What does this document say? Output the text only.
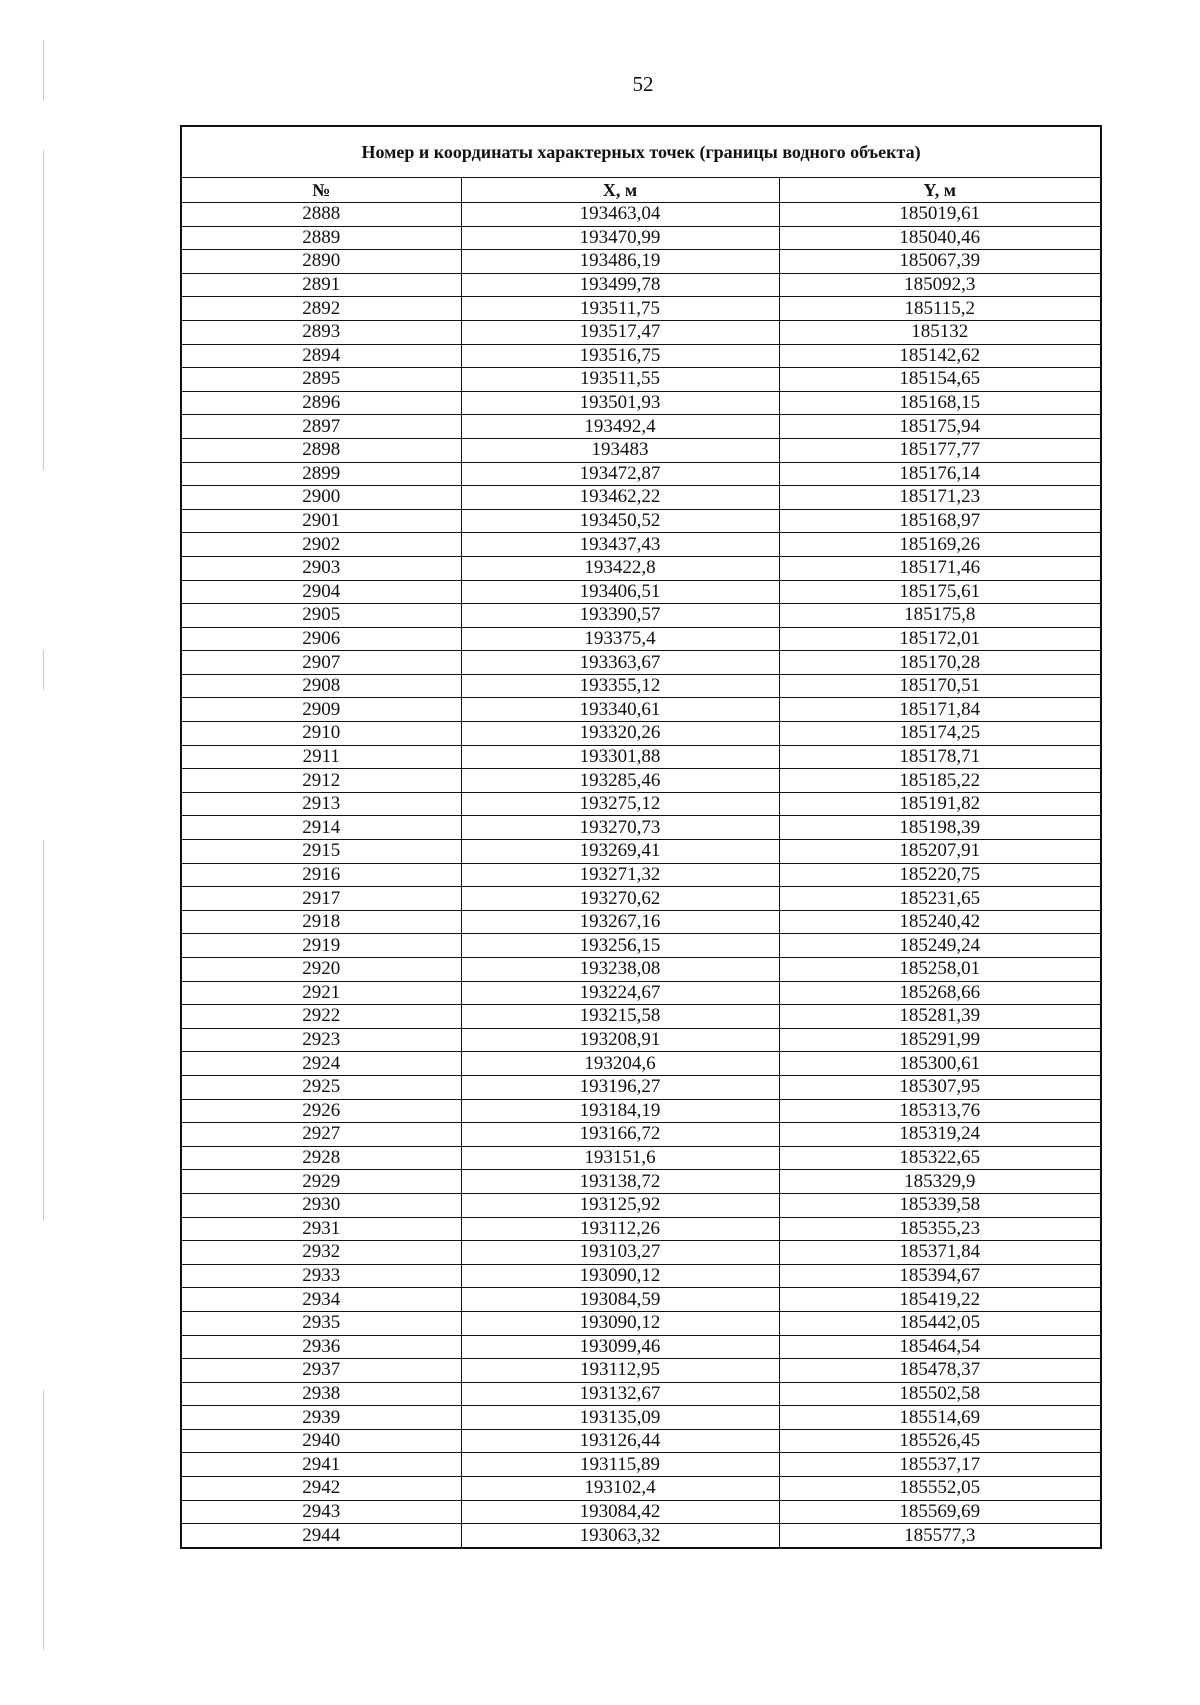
52
Номер и координаты характерных точек (границы водного объекта)		
№	X, м	Y, м
2888	193463,04	185019,61
2889	193470,99	185040,46
2890	193486,19	185067,39
2891	193499,78	185092,3
2892	193511,75	185115,2
2893	193517,47	185132
2894	193516,75	185142,62
2895	193511,55	185154,65
2896	193501,93	185168,15
2897	193492,4	185175,94
2898	193483	185177,77
2899	193472,87	185176,14
2900	193462,22	185171,23
2901	193450,52	185168,97
2902	193437,43	185169,26
2903	193422,8	185171,46
2904	193406,51	185175,61
2905	193390,57	185175,8
2906	193375,4	185172,01
2907	193363,67	185170,28
2908	193355,12	185170,51
2909	193340,61	185171,84
2910	193320,26	185174,25
2911	193301,88	185178,71
2912	193285,46	185185,22
2913	193275,12	185191,82
2914	193270,73	185198,39
2915	193269,41	185207,91
2916	193271,32	185220,75
2917	193270,62	185231,65
2918	193267,16	185240,42
2919	193256,15	185249,24
2920	193238,08	185258,01
2921	193224,67	185268,66
2922	193215,58	185281,39
2923	193208,91	185291,99
2924	193204,6	185300,61
2925	193196,27	185307,95
2926	193184,19	185313,76
2927	193166,72	185319,24
2928	193151,6	185322,65
2929	193138,72	185329,9
2930	193125,92	185339,58
2931	193112,26	185355,23
2932	193103,27	185371,84
2933	193090,12	185394,67
2934	193084,59	185419,22
2935	193090,12	185442,05
2936	193099,46	185464,54
2937	193112,95	185478,37
2938	193132,67	185502,58
2939	193135,09	185514,69
2940	193126,44	185526,45
2941	193115,89	185537,17
2942	193102,4	185552,05
2943	193084,42	185569,69
2944	193063,32	185577,3
